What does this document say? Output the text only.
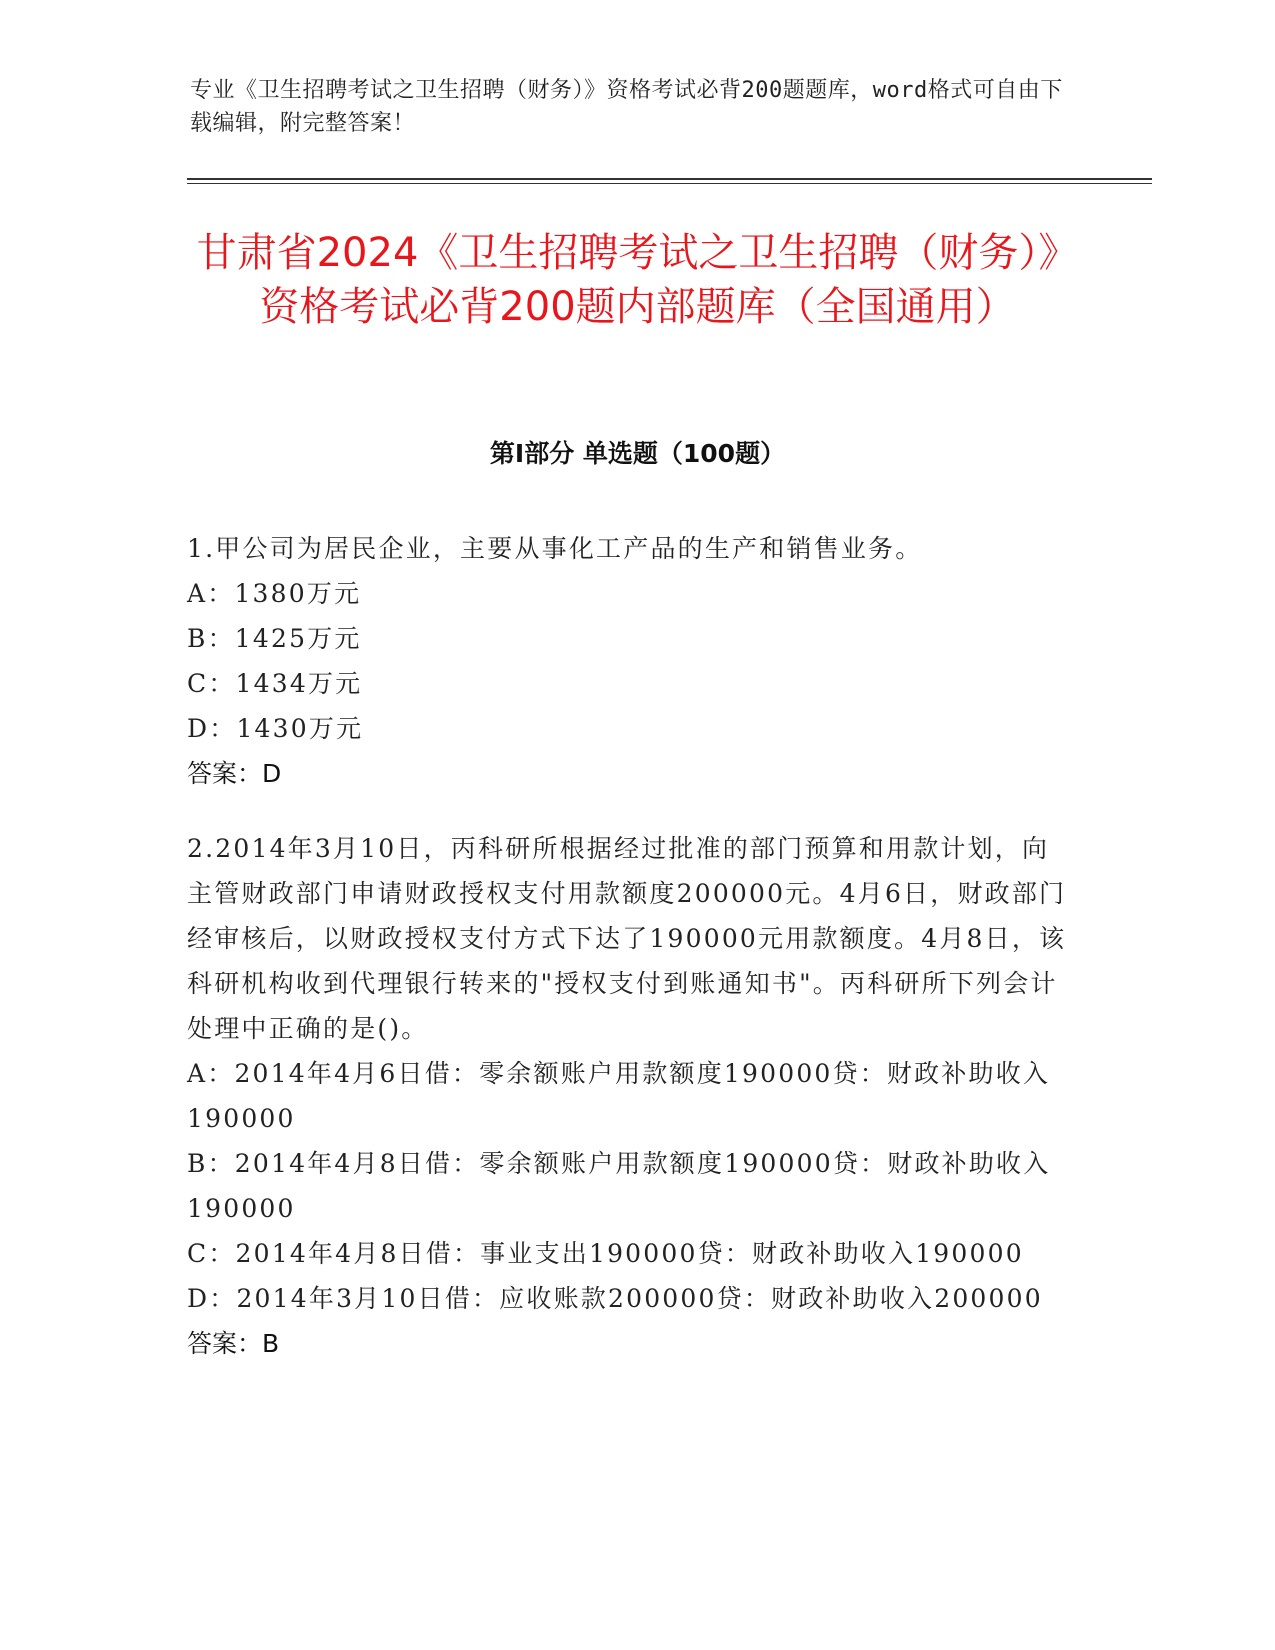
专业《卫生招聘考试之卫生招聘（财务）》资格考试必背200题题库，word格式可自由下载编辑，附完整答案！
甘肃省2024《卫生招聘考试之卫生招聘（财务）》资格考试必背200题内部题库（全国通用）
第Ⅰ部分 单选题（100题）

1.甲公司为居民企业，主要从事化工产品的生产和销售业务。

A：1380万元

B：1425万元

C：1434万元

D：1430万元

答案：D

2.2014年3月10日，丙科研所根据经过批准的部门预算和用款计划，向主管财政部门申请财政授权支付用款额度200000元。4月6日，财政部门经审核后，以财政授权支付方式下达了190000元用款额度。4月8日，该科研机构收到代理银行转来的"授权支付到账通知书"。丙科研所下列会计处理中正确的是()。

A：2014年4月6日借：零余额账户用款额度190000贷：财政补助收入190000

B：2014年4月8日借：零余额账户用款额度190000贷：财政补助收入190000

C：2014年4月8日借：事业支出190000贷：财政补助收入190000

D：2014年3月10日借：应收账款200000贷：财政补助收入200000

答案：B
